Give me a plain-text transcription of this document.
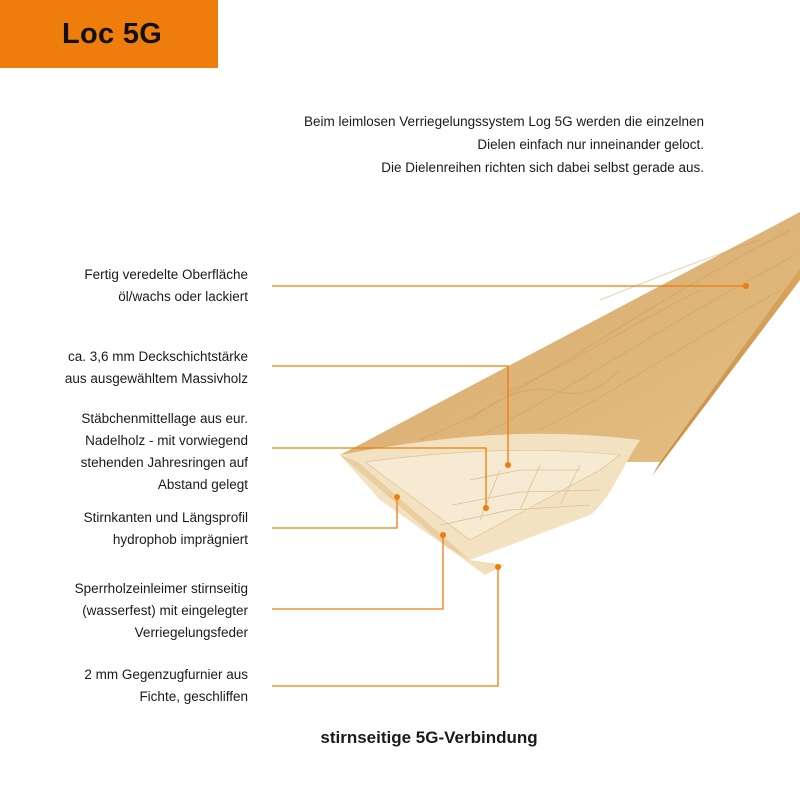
Loc 5G
Beim leimlosen Verriegelungssystem Log 5G werden die einzelnen
Dielen einfach nur inneinander geloct.
Die Dielenreihen richten sich dabei selbst gerade aus.
Fertig veredelte Oberfläche
öl/wachs oder lackiert
ca. 3,6 mm Deckschichtstärke
aus ausgewähltem Massivholz
Stäbchenmittellage aus eur.
Nadelholz - mit vorwiegend
stehenden Jahresringen auf
Abstand gelegt
Stirnkanten und Längsprofil
hydrophob imprägniert
Sperrholzeinleimer stirnseitig
(wasserfest) mit eingelegter
Verriegelungsfeder
2 mm Gegenzugfurnier aus
Fichte, geschliffen
stirnseitige 5G-Verbindung
